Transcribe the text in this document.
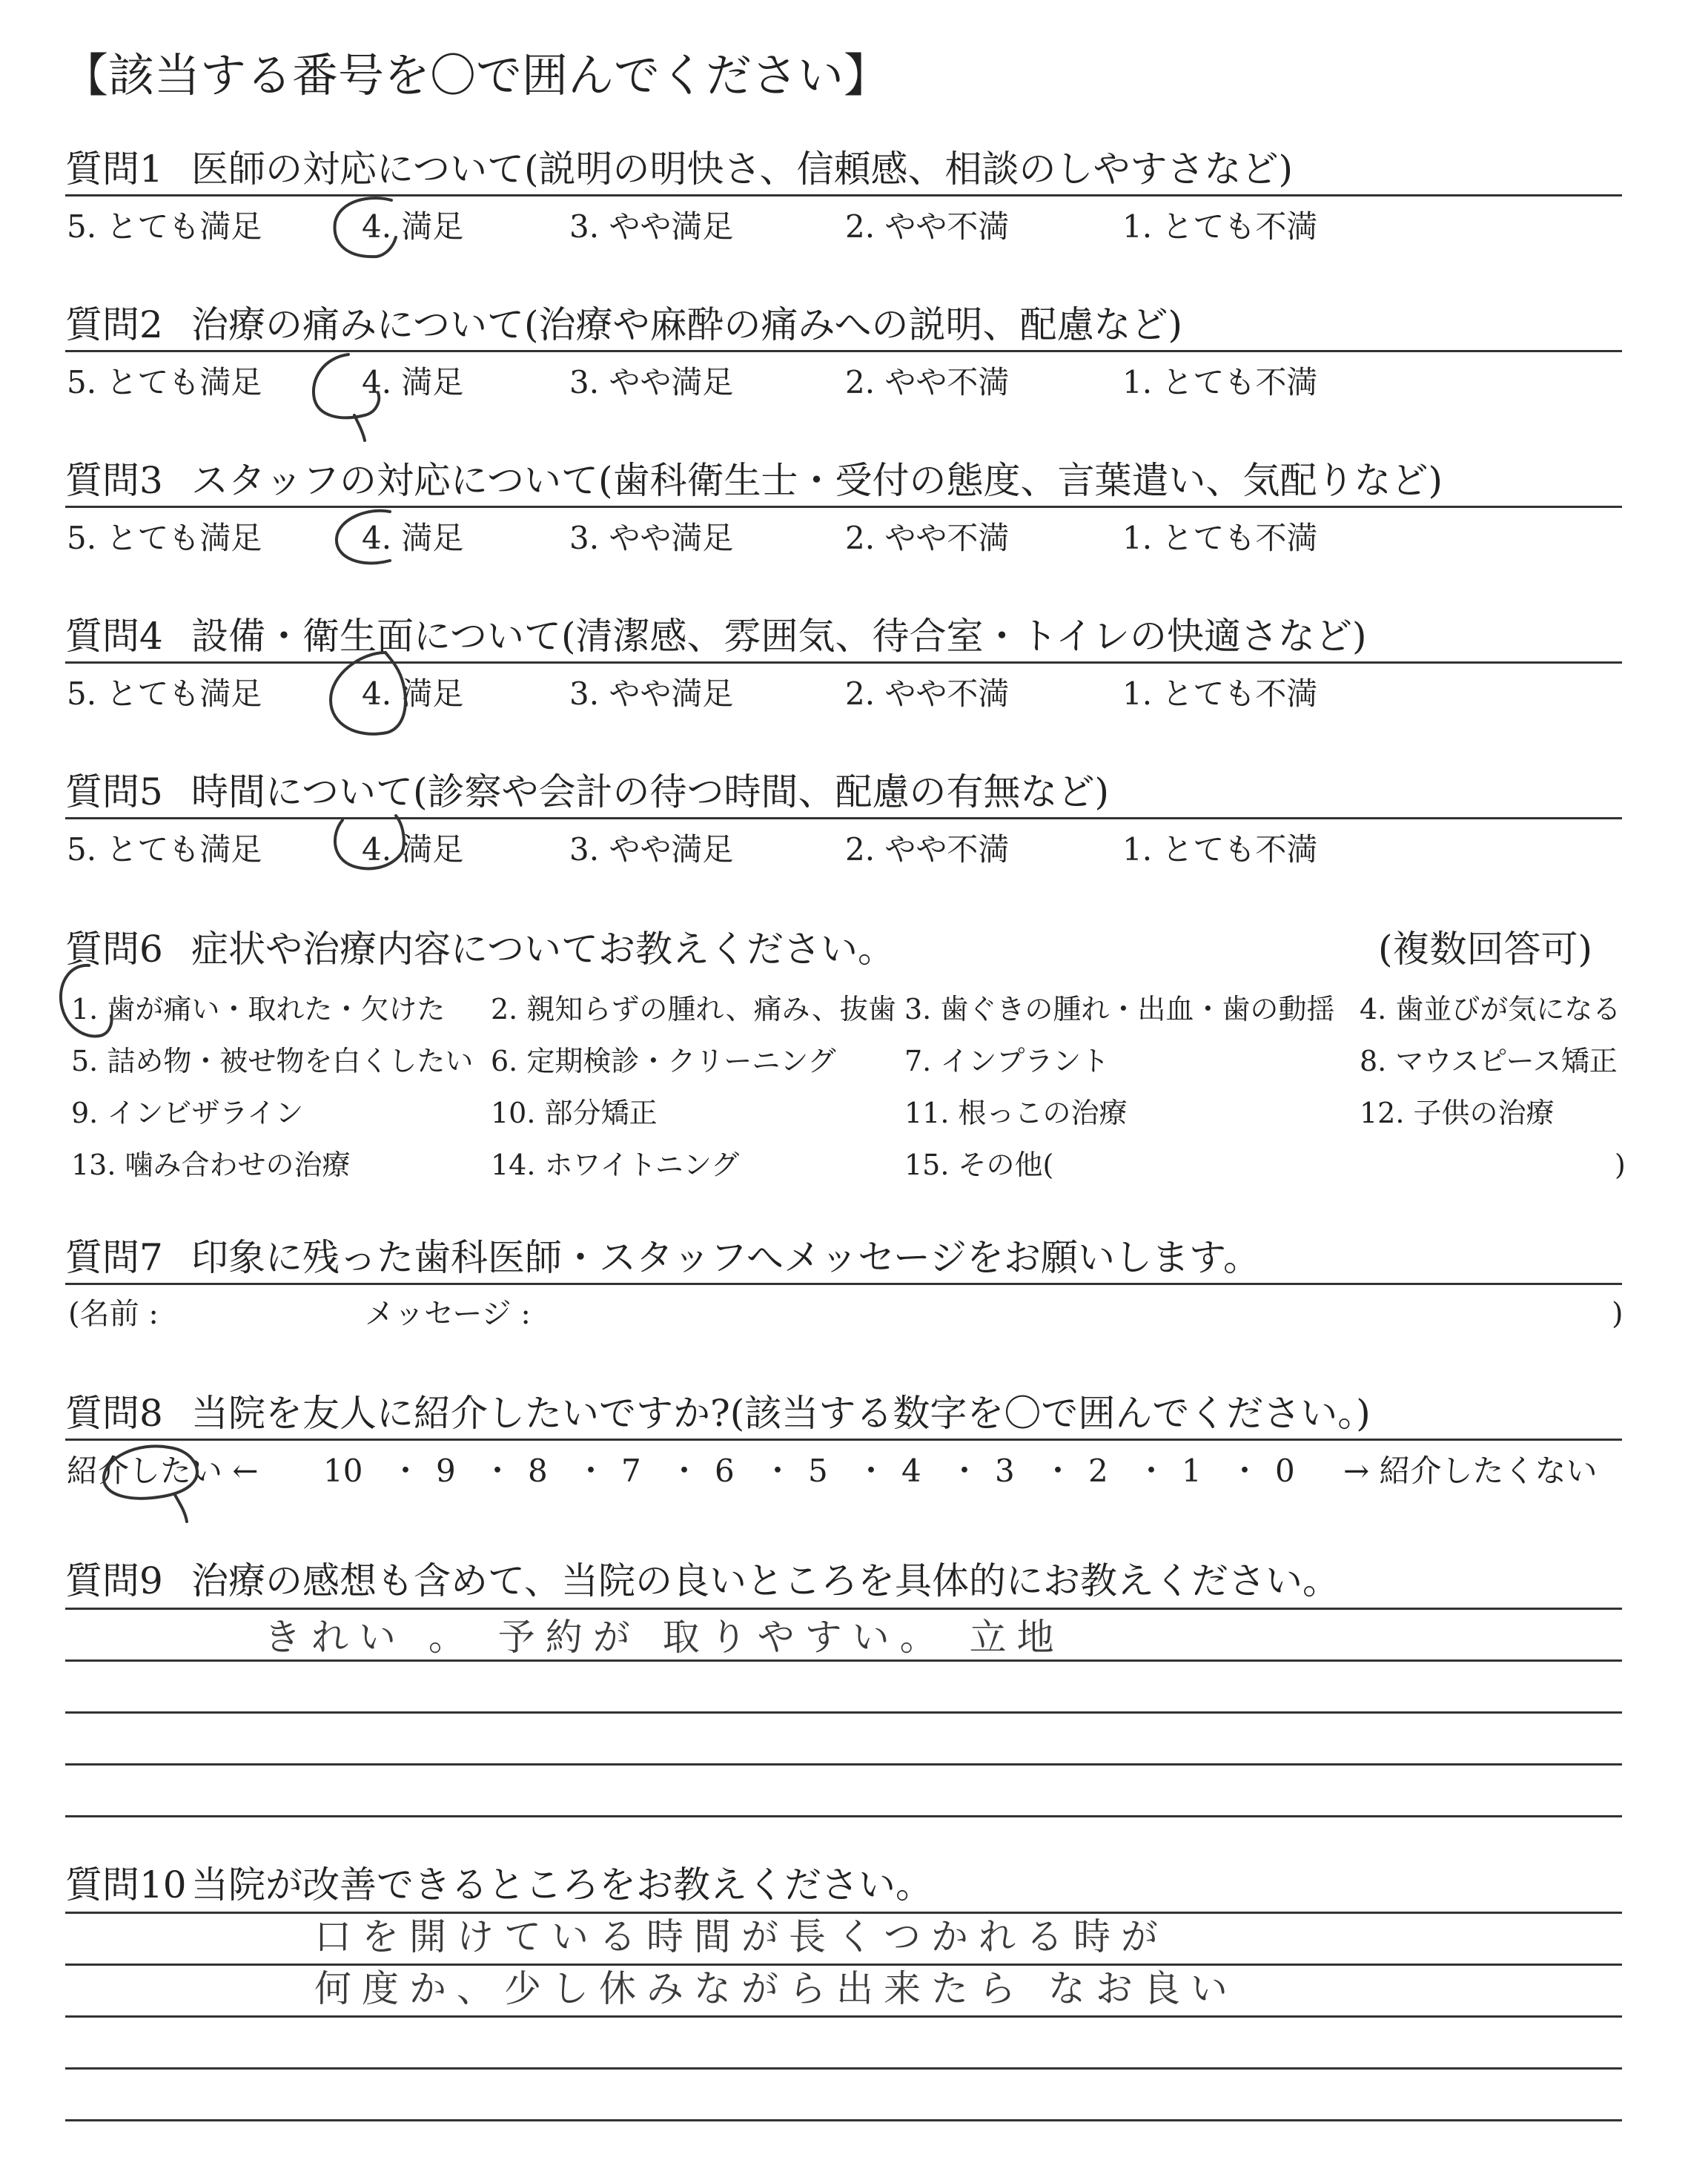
【該当する番号を〇で囲んでください】
質問1 医師の対応について(説明の明快さ、信頼感、相談のしやすさなど)
5. とても満足	4. 満足	3. やや満足	2. やや不満	1. とても不満
質問2 治療の痛みについて(治療や麻酔の痛みへの説明、配慮など)
5. とても満足	4. 満足	3. やや満足	2. やや不満	1. とても不満
質問3 スタッフの対応について(歯科衛生士・受付の態度、言葉遣い、気配りなど)
5. とても満足	4. 満足	3. やや満足	2. やや不満	1. とても不満
質問4 設備・衛生面について(清潔感、雰囲気、待合室・トイレの快適さなど)
5. とても満足	4. 満足	3. やや満足	2. やや不満	1. とても不満
質問5 時間について(診察や会計の待つ時間、配慮の有無など)
5. とても満足	4. 満足	3. やや満足	2. やや不満	1. とても不満
質問6 症状や治療内容についてお教えください。	(複数回答可)
1. 歯が痛い・取れた・欠けた 2. 親知らずの腫れ、痛み、抜歯 3. 歯ぐきの腫れ・出血・歯の動揺 4. 歯並びが気になる
5. 詰め物・被せ物を白くしたい 6. 定期検診・クリーニング 7. インプラント	8. マウスピース矯正
9. インビザライン	10. 部分矯正	11. 根っこの治療	12. 子供の治療
13. 噛み合わせの治療	14. ホワイトニング	15. その他(	)
質問7 印象に残った歯科医師・スタッフへメッセージをお願いします。
(名前 :	メッセージ :	)
質問8 当院を友人に紹介したいですか?(該当する数字を〇で囲んでください。)
紹介したい ← 10 ・ 9 ・ 8 ・ 7 ・ 6 ・ 5 ・ 4 ・ 3 ・ 2 ・ 1 ・ 0 → 紹介したくない
質問9 治療の感想も含めて、当院の良いところを具体的にお教えください。
きれい 。 予約が 取りやすい。 立地
質問10 当院が改善できるところをお教えください。
口を開けている時間が長くつかれる時が
何度か、少し休みながら出来たら なお良い
